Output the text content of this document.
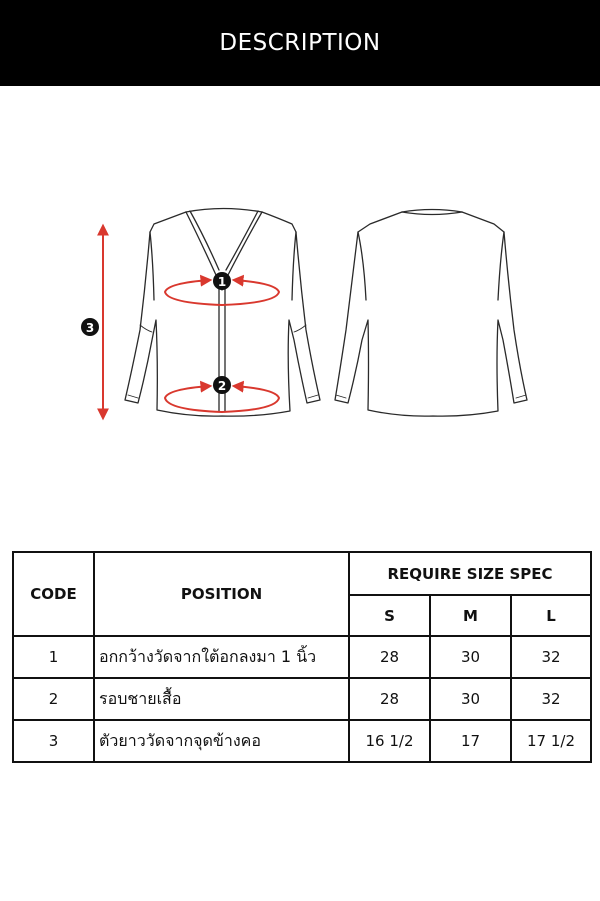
DESCRIPTION
1
2
3
CODE	POSITION	REQUIRE SIZE SPEC		
		S	M	L
1	อกกว้างวัดจากใต้อกลงมา 1 นิ้ว	28	30	32
2	รอบชายเสื้อ	28	30	32
3	ตัวยาววัดจากจุดข้างคอ	16 1/2	17	17 1/2
